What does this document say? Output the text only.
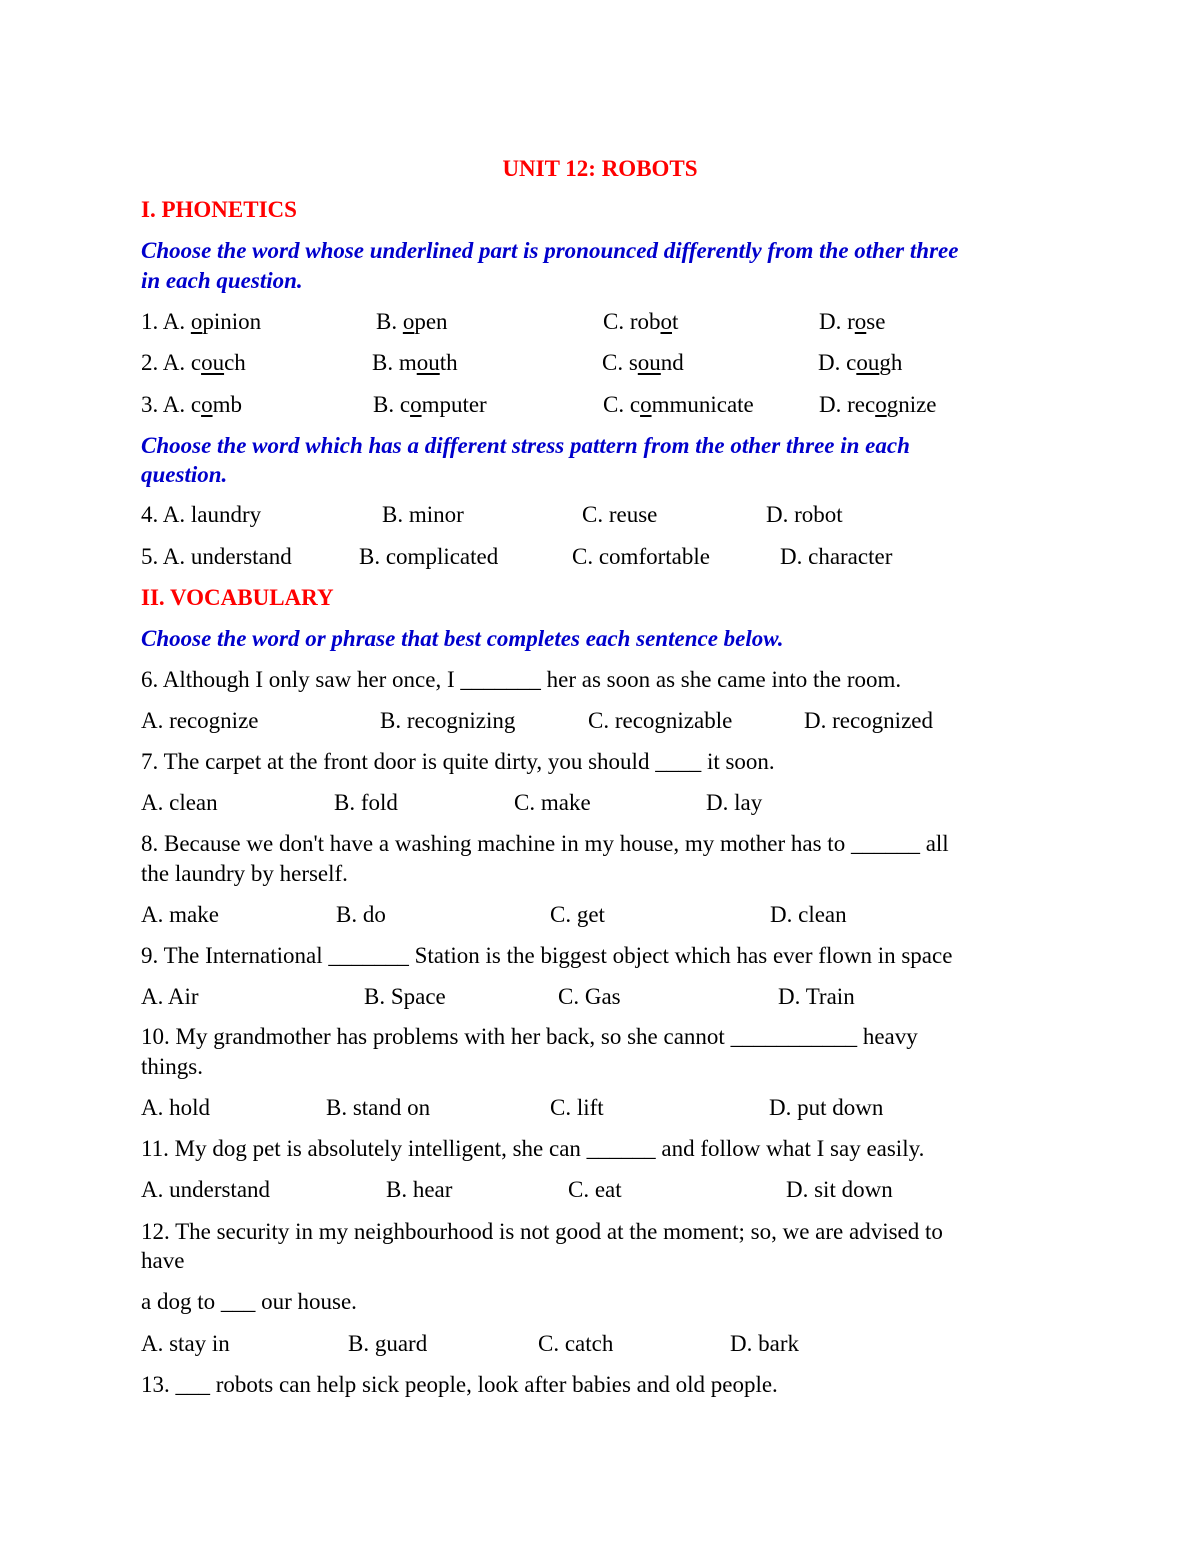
UNIT 12: ROBOTS
I. PHONETICS
Choose the word whose underlined part is pronounced differently from the other three
in each question.
1. A. opinion	B. open	C. robot	D. rose
2. A. couch	B. mouth	C. sound	D. cough
3. A. comb	B. computer	C. communicate	D. recognize
Choose the word which has a different stress pattern from the other three in each
question.
4. A. laundry	B. minor	C. reuse	D. robot
5. A. understand	B. complicated	C. comfortable	D. character
II. VOCABULARY
Choose the word or phrase that best completes each sentence below.
6. Although I only saw her once, I _______ her as soon as she came into the room.
A. recognize	B. recognizing	C. recognizable	D. recognized
7. The carpet at the front door is quite dirty, you should ____ it soon.
A. clean	B. fold	C. make	D. lay
8. Because we don't have a washing machine in my house, my mother has to ______ all
the laundry by herself.
A. make	B. do	C. get	D. clean
9. The International _______ Station is the biggest object which has ever flown in space
A. Air	B. Space	C. Gas	D. Train
10. My grandmother has problems with her back, so she cannot ___________ heavy
things.
A. hold	B. stand on	C. lift	D. put down
11. My dog pet is absolutely intelligent, she can ______ and follow what I say easily.
A. understand	B. hear	C. eat	D. sit down
12. The security in my neighbourhood is not good at the moment; so, we are advised to
have
a dog to ___ our house.
A. stay in	B. guard	C. catch	D. bark
13. ___ robots can help sick people, look after babies and old people.
